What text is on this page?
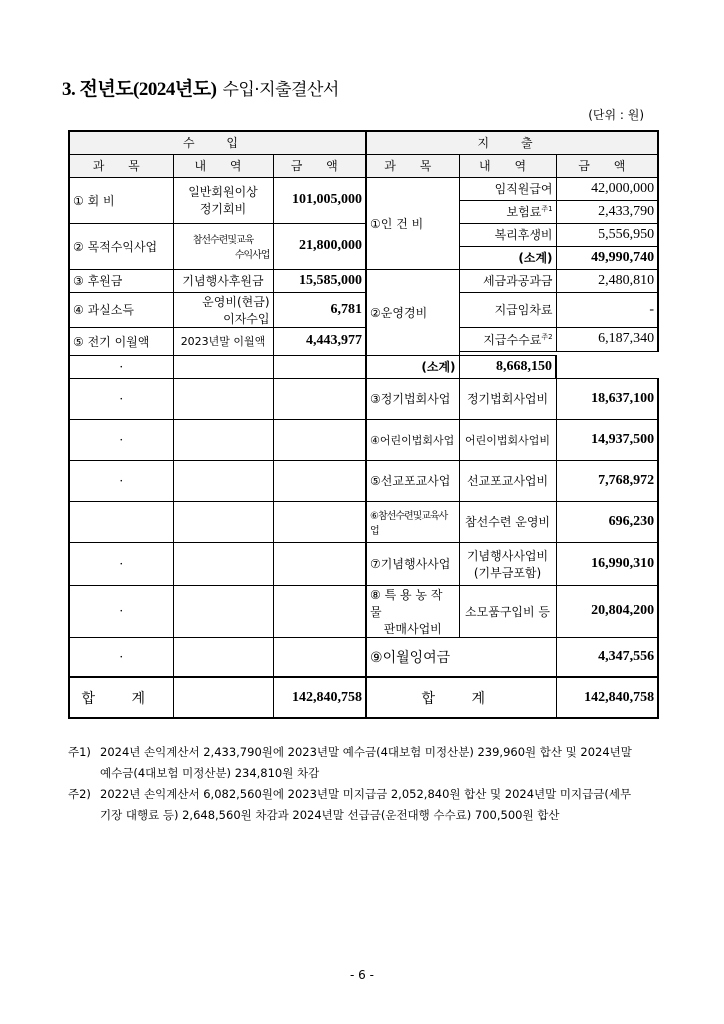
3. 전년도(2024년도) 수입·지출결산서
(단위 : 원)
수 입			지 출		
과 목	내 역	금 액	과 목	내 역	금 액
① 회 비	일반회원이상
정기회비	101,005,000	①인 건 비	임직원급여	42,000,000
				보험료$^{주1}$	2,433,790
② 목적수익사업	참선수련및교육
수익사업	21,800,000		복리후생비	5,556,950
				(소계)	49,990,740
③ 후원금	기념행사후원금	15,585,000	②운영경비	세금과공과금	2,480,810
④ 과실소득	운영비(현금)
이자수입	6,781		지급임차료	-

⑤ 전기 이월액	2023년말 이월액	4,443,977		지급수수료$^{주2}$	6,187,340

·			(소계)	8,668,150	
·			③정기법회사업	정기법회사업비	18,637,100
·			④어린이법회사업	어린이법회사업비	14,937,500
·			⑤선교포교사업	선교포교사업비	7,768,972
			⑥참선수련및교육사업	참선수련 운영비	696,230
·			⑦기념행사사업	기념행사사업비
(기부금포함)	16,990,310
·			⑧ 특 용 농 작 물
판매사업비	소모품구입비 등	20,804,200
·			⑨이월잉여금		4,347,556
합 계		142,840,758	합 계		142,840,758
주1) 2024년 손익계산서 2,433,790원에 2023년말 예수금(4대보험 미정산분) 239,960원 합산 및 2024년말
예수금(4대보험 미정산분) 234,810원 차감
주2) 2022년 손익계산서 6,082,560원에 2023년말 미지급금 2,052,840원 합산 및 2024년말 미지급금(세무
기장 대행료 등) 2,648,560원 차감과 2024년말 선급금(운전대행 수수료) 700,500원 합산
- 6 -
